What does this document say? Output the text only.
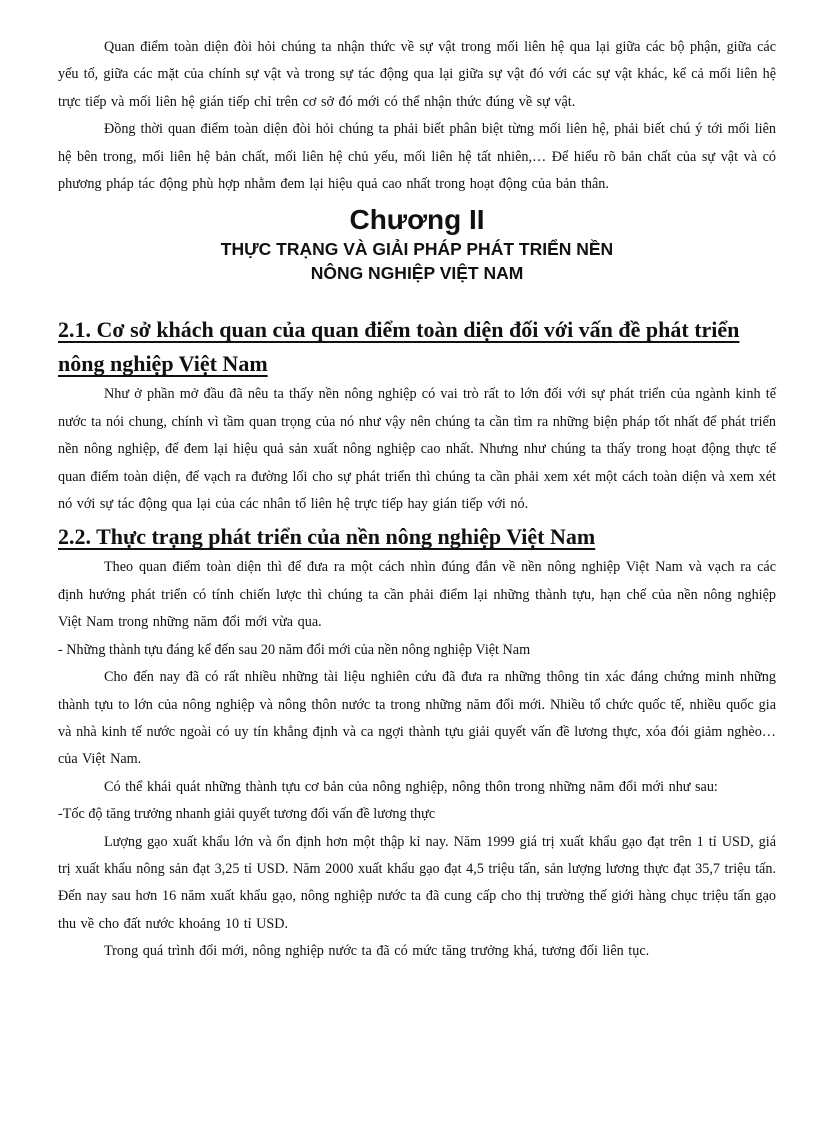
Quan điểm toàn diện đòi hỏi chúng ta nhận thức về sự vật trong mối liên hệ qua lại giữa các bộ phận, giữa các yếu tố, giữa các mặt của chính sự vật và trong sự tác động qua lại giữa sự vật đó với các sự vật khác, kể cả mối liên hệ trực tiếp và mối liên hệ gián tiếp chỉ trên cơ sở đó mới có thể nhận thức đúng về sự vật.

Đồng thời quan điểm toàn diện đòi hỏi chúng ta phải biết phân biệt từng mối liên hệ, phải biết chú ý tới mối liên hệ bên trong, mối liên hệ bản chất, mối liên hệ chủ yếu, mối liên hệ tất nhiên,… Để hiểu rõ bản chất của sự vật và có phương pháp tác động phù hợp nhằm đem lại hiệu quả cao nhất trong hoạt động của bản thân.

Chương II
THỰC TRẠNG VÀ GIẢI PHÁP PHÁT TRIỂN NỀN
NÔNG NGHIỆP VIỆT NAM
2.1. Cơ sở khách quan của quan điểm toàn diện đối với vấn đề phát triển nông nghiệp Việt Nam

Như ở phần mở đầu đã nêu ta thấy nền nông nghiệp có vai trò rất to lớn đối với sự phát triển của ngành kinh tế nước ta nói chung, chính vì tầm quan trọng của nó như vậy nên chúng ta cần tìm ra những biện pháp tốt nhất để phát triển nền nông nghiệp, để đem lại hiệu quả sản xuất nông nghiệp cao nhất. Nhưng như chúng ta thấy trong hoạt động thực tế quan điểm toàn diện, để vạch ra đường lối cho sự phát triển thì chúng ta cần phải xem xét một cách toàn diện và xem xét nó với sự tác động qua lại của các nhân tố liên hệ trực tiếp hay gián tiếp với nó.

2.2. Thực trạng phát triển của nền nông nghiệp Việt Nam

Theo quan điểm toàn diện thì để đưa ra một cách nhìn đúng đắn về nền nông nghiệp Việt Nam và vạch ra các định hướng phát triển có tính chiến lược thì chúng ta cần phải điểm lại những thành tựu, hạn chế của nền nông nghiệp Việt Nam trong những năm đổi mới vừa qua.

- Những thành tựu đáng kể đến sau 20 năm đổi mới của nền nông nghiệp Việt Nam

Cho đến nay đã có rất nhiều những tài liệu nghiên cứu đã đưa ra những thông tin xác đáng chứng minh những thành tựu to lớn của nông nghiệp và nông thôn nước ta trong những năm đổi mới. Nhiều tổ chức quốc tế, nhiều quốc gia và nhà kinh tế nước ngoài có uy tín khẳng định và ca ngợi thành tựu giải quyết vấn đề lương thực, xóa đói giảm nghèo… của Việt Nam.

Có thể khái quát những thành tựu cơ bản của nông nghiệp, nông thôn trong những năm đổi mới như sau:

-Tốc độ tăng trưởng nhanh giải quyết tương đối vấn đề lương thực

Lượng gạo xuất khẩu lớn và ổn định hơn một thập kỉ nay. Năm 1999 giá trị xuất khẩu gạo đạt trên 1 tỉ USD, giá trị xuất khẩu nông sản đạt 3,25 tỉ USD. Năm 2000 xuất khẩu gạo đạt 4,5 triệu tấn, sản lượng lương thực đạt 35,7 triệu tấn. Đến nay sau hơn 16 năm xuất khẩu gạo, nông nghiệp nước ta đã cung cấp cho thị trường thế giới hàng chục triệu tấn gạo thu về cho đất nước khoảng 10 tỉ USD.

Trong quá trình đổi mới, nông nghiệp nước ta đã có mức tăng trưởng khá, tương đối liên tục.
